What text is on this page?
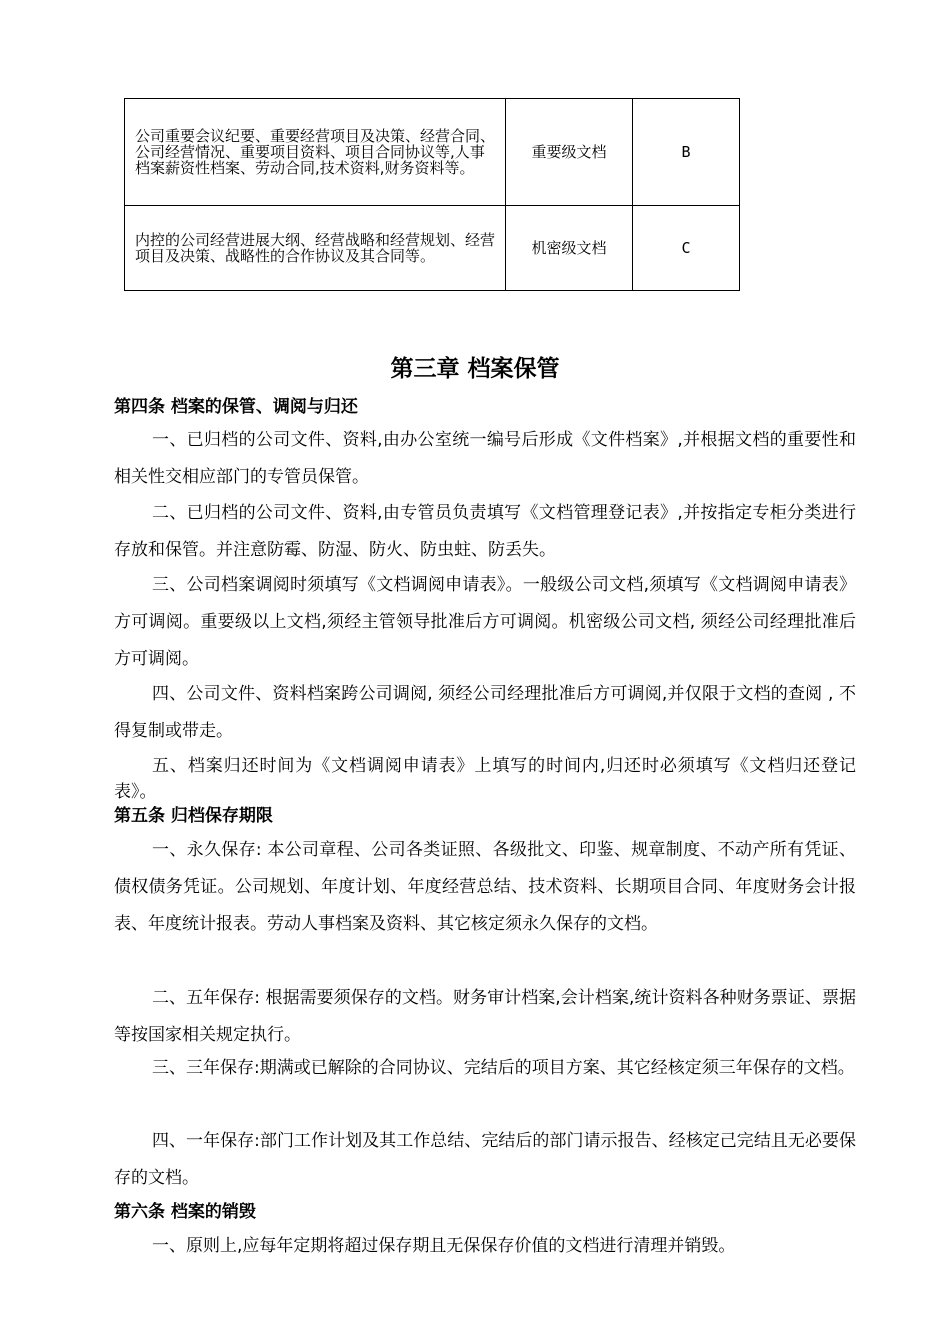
公司重要会议纪要、重要经营项目及决策、经营合同、公司经营情况、重要项目资料、项目合同协议等,人事档案薪资性档案、劳动合同,技术资料,财务资料等。	重要级文档	B
内控的公司经营进展大纲、经营战略和经营规划、经营项目及决策、战略性的合作协议及其合同等。	机密级文档	C
第三章 档案保管
第四条 档案的保管、调阅与归还
一、已归档的公司文件、资料,由办公室统一编号后形成《文件档案》,并根据文档的重要性和相关性交相应部门的专管员保管。
二、已归档的公司文件、资料,由专管员负责填写《文档管理登记表》,并按指定专柜分类进行存放和保管。并注意防霉、防湿、防火、防虫蛀、防丢失。
三、公司档案调阅时须填写《文档调阅申请表》。一般级公司文档,须填写《文档调阅申请表》方可调阅。重要级以上文档,须经主管领导批准后方可调阅。机密级公司文档, 须经公司经理批准后方可调阅。
四、公司文件、资料档案跨公司调阅, 须经公司经理批准后方可调阅,并仅限于文档的查阅 , 不得复制或带走。
五、档案归还时间为《文档调阅申请表》上填写的时间内,归还时必须填写《文档归还登记表》。
第五条 归档保存期限
一、永久保存: 本公司章程、公司各类证照、各级批文、印鉴、规章制度、不动产所有凭证、债权债务凭证。公司规划、年度计划、年度经营总结、技术资料、长期项目合同、年度财务会计报表、年度统计报表。劳动人事档案及资料、其它核定须永久保存的文档。
二、五年保存: 根据需要须保存的文档。财务审计档案,会计档案,统计资料各种财务票证、票据等按国家相关规定执行。
三、三年保存:期满或已解除的合同协议、完结后的项目方案、其它经核定须三年保存的文档。
四、一年保存:部门工作计划及其工作总结、完结后的部门请示报告、经核定己完结且无必要保存的文档。
第六条 档案的销毁
一、原则上,应每年定期将超过保存期且无保保存价值的文档进行清理并销毁。
